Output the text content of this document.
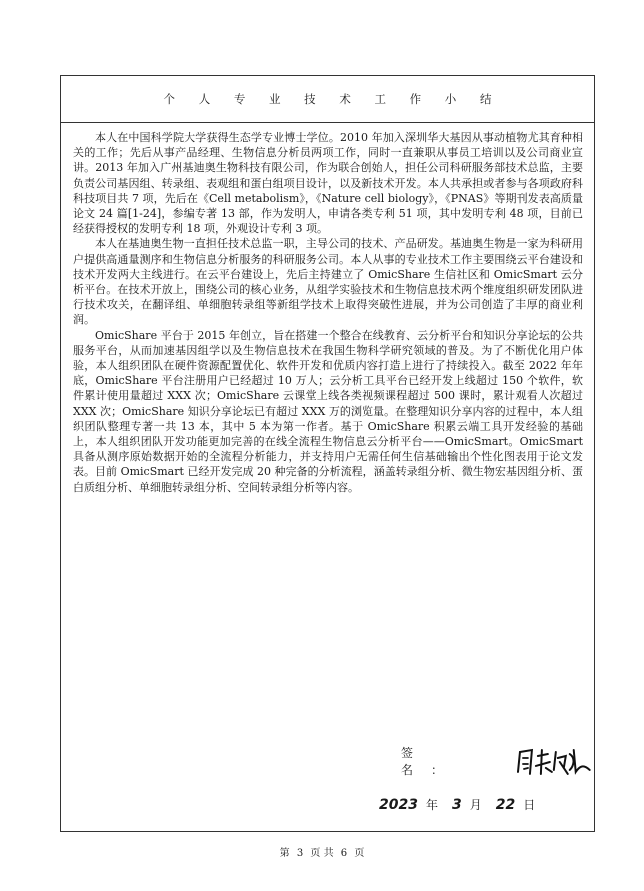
个 人 专 业 技 术 工 作 小 结

本人在中国科学院大学获得生态学专业博士学位。2010 年加入深圳华大基因从事动植物尤其育种相关的工作；先后从事产品经理、生物信息分析员两项工作，同时一直兼职从事员工培训以及公司商业宣讲。2013 年加入广州基迪奥生物科技有限公司，作为联合创始人，担任公司科研服务部技术总监，主要负责公司基因组、转录组、表观组和蛋白组项目设计，以及新技术开发。本人共承担或者参与各项政府科科技项目共 7 项，先后在《Cell metabolism》，《Nature cell biology》，《PNAS》等期刊发表高质量论文 24 篇[1-24]，参编专著 13 部，作为发明人，申请各类专利 51 项，其中发明专利 48 项，目前已经获得授权的发明专利 18 项，外观设计专利 3 项。

本人在基迪奥生物一直担任技术总监一职，主导公司的技术、产品研发。基迪奥生物是一家为科研用户提供高通量测序和生物信息分析服务的科研服务公司。本人从事的专业技术工作主要围绕云平台建设和技术开发两大主线进行。在云平台建设上，先后主持建立了 OmicShare 生信社区和 OmicSmart 云分析平台。在技术开放上，围绕公司的核心业务，从组学实验技术和生物信息技术两个维度组织研发团队进行技术攻关，在翻译组、单细胞转录组等新组学技术上取得突破性进展，并为公司创造了丰厚的商业利润。

OmicShare 平台于 2015 年创立，旨在搭建一个整合在线教育、云分析平台和知识分享论坛的公共服务平台，从而加速基因组学以及生物信息技术在我国生物科学研究领域的普及。为了不断优化用户体验，本人组织团队在硬件资源配置优化、软件开发和优质内容打造上进行了持续投入。截至 2022 年年底，OmicShare 平台注册用户已经超过 10 万人；云分析工具平台已经开发上线超过 150 个软件，软件累计使用量超过 XXX 次；OmicShare 云课堂上线各类视频课程超过 500 课时，累计观看人次超过 XXX 次；OmicShare 知识分享论坛已有超过 XXX 万的浏览量。在整理知识分享内容的过程中，本人组织团队整理专著一共 13 本，其中 5 本为第一作者。基于 OmicShare 积累云端工具开发经验的基础上，本人组织团队开发功能更加完善的在线全流程生物信息云分析平台——OmicSmart。OmicSmart 具备从测序原始数据开始的全流程分析能力，并支持用户无需任何生信基础输出个性化图表用于论文发表。目前 OmicSmart 已经开发完成 20 种完备的分析流程，涵盖转录组分析、微生物宏基因组分析、蛋白质组分析、单细胞转录组分析、空间转录组分析等内容。

签 名：
2023 年 3 月 22 日
第 3 页 共 6 页
